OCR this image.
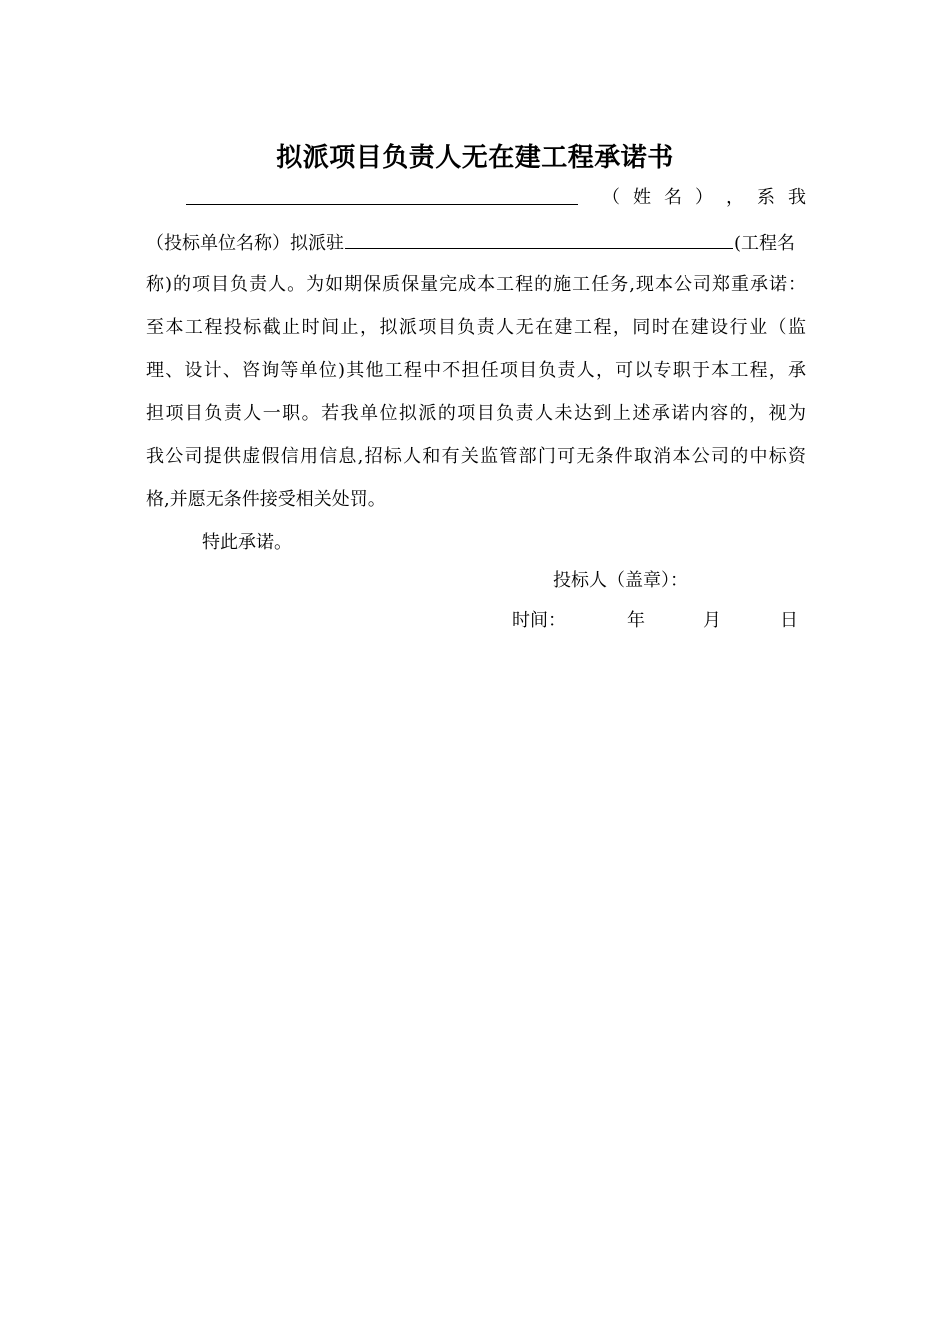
拟派项目负责人无在建工程承诺书
（ 姓 名 ） ， 系 我
（投标单位名称）拟派驻	(工程名
称)的项目负责人。为如期保质保量完成本工程的施工任务,现本公司郑重承诺：
至本工程投标截止时间止，拟派项目负责人无在建工程，同时在建设行业（监
理、设计、咨询等单位)其他工程中不担任项目负责人，可以专职于本工程，承
担项目负责人一职。若我单位拟派的项目负责人未达到上述承诺内容的，视为
我公司提供虚假信用信息,招标人和有关监管部门可无条件取消本公司的中标资
格,并愿无条件接受相关处罚。
特此承诺。
投标人（盖章）：
时间：	年	月	日
